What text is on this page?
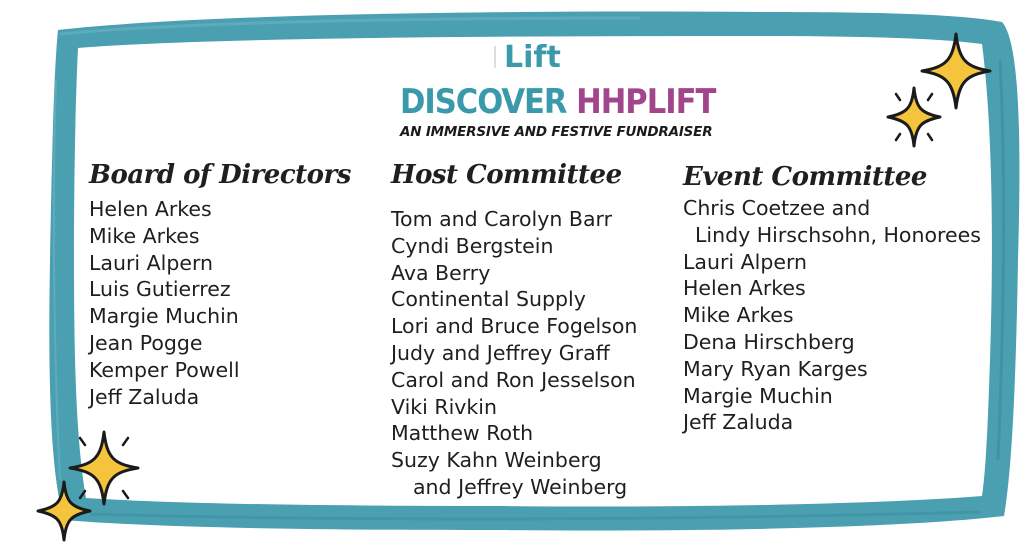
Lift
DISCOVER HHPLIFT
AN IMMERSIVE AND FESTIVE FUNDRAISER
Board of Directors
Helen Arkes
Mike Arkes
Lauri Alpern
Luis Gutierrez
Margie Muchin
Jean Pogge
Kemper Powell
Jeff Zaluda
Host Committee
Tom and Carolyn Barr
Cyndi Bergstein
Ava Berry
Continental Supply
Lori and Bruce Fogelson
Judy and Jeffrey Graff
Carol and Ron Jesselson
Viki Rivkin
Matthew Roth
Suzy Kahn Weinberg
and Jeffrey Weinberg
Event Committee
Chris Coetzee and
Lindy Hirschsohn, Honorees
Lauri Alpern
Helen Arkes
Mike Arkes
Dena Hirschberg
Mary Ryan Karges
Margie Muchin
Jeff Zaluda
